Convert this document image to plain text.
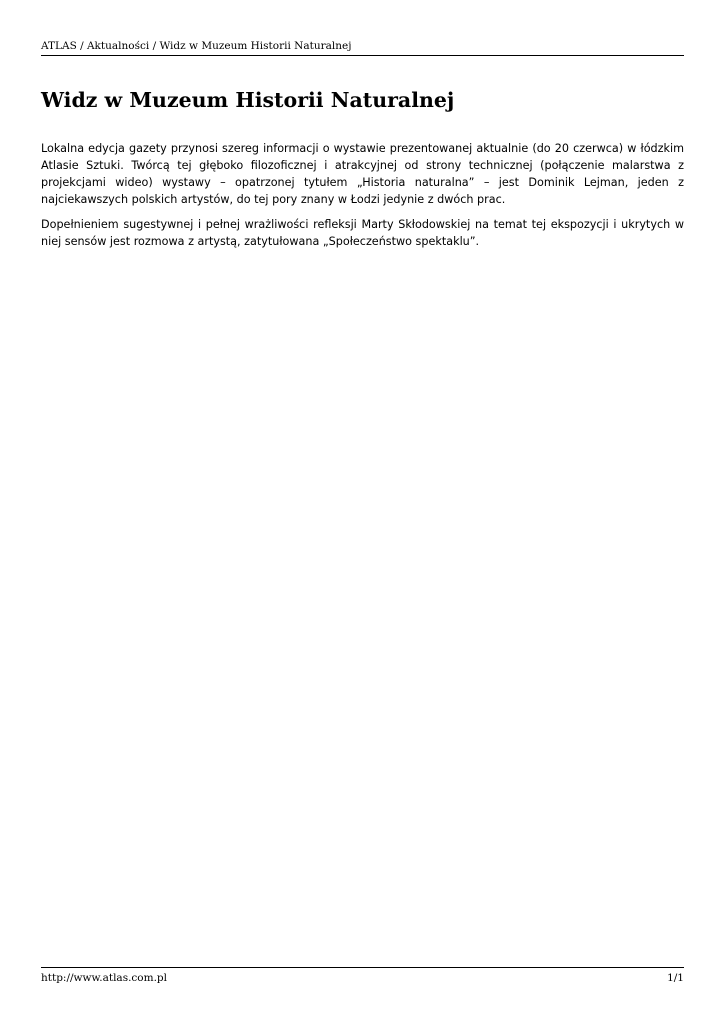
ATLAS / Aktualności / Widz w Muzeum Historii Naturalnej
Widz w Muzeum Historii Naturalnej

Lokalna edycja gazety przynosi szereg informacji o wystawie prezentowanej aktualnie (do 20 czerwca) w łódzkim Atlasie Sztuki. Twórcą tej głęboko filozoficznej i atrakcyjnej od strony technicznej (połączenie malarstwa z projekcjami wideo) wystawy – opatrzonej tytułem „Historia naturalna” – jest Dominik Lejman, jeden z najciekawszych polskich artystów, do tej pory znany w Łodzi jedynie z dwóch prac.

Dopełnieniem sugestywnej i pełnej wrażliwości refleksji Marty Skłodowskiej na temat tej ekspozycji i ukrytych w niej sensów jest rozmowa z artystą, zatytułowana „Społeczeństwo spektaklu”.

http://www.atlas.com.pl	1/1
